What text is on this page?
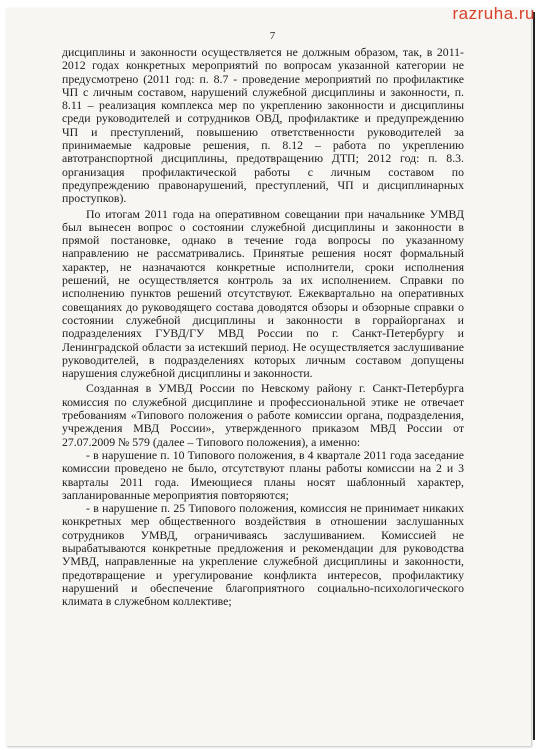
razruha.ru
7

дисциплины и законности осуществляется не должным образом, так, в 2011-2012 годах конкретных мероприятий по вопросам указанной категории не предусмотрено (2011 год: п. 8.7 - проведение мероприятий по профилактике ЧП с личным составом, нарушений служебной дисциплины и законности, п. 8.11 – реализация комплекса мер по укреплению законности и дисциплины среди руководителей и сотрудников ОВД, профилактике и предупреждению ЧП и преступлений, повышению ответственности руководителей за принимаемые кадровые решения, п. 8.12 – работа по укреплению автотранспортной дисциплины, предотвращению ДТП; 2012 год: п. 8.3. организация профилактической работы с личным составом по предупреждению правонарушений, преступлений, ЧП и дисциплинарных проступков).

По итогам 2011 года на оперативном совещании при начальнике УМВД был вынесен вопрос о состоянии служебной дисциплины и законности в прямой постановке, однако в течение года вопросы по указанному направлению не рассматривались. Принятые решения носят формальный характер, не назначаются конкретные исполнители, сроки исполнения решений, не осуществляется контроль за их исполнением. Справки по исполнению пунктов решений отсутствуют. Ежеквартально на оперативных совещаниях до руководящего состава доводятся обзоры и обзорные справки о состоянии служебной дисциплины и законности в горрайорганах и подразделениях ГУВД/ГУ МВД России по г. Санкт-Петербургу и Ленинградской области за истекший период. Не осуществляется заслушивание руководителей, в подразделениях которых личным составом допущены нарушения служебной дисциплины и законности.

Созданная в УМВД России по Невскому району г. Санкт-Петербурга комиссия по служебной дисциплине и профессиональной этике не отвечает требованиям «Типового положения о работе комиссии органа, подразделения, учреждения МВД России», утвержденного приказом МВД России от 27.07.2009 № 579 (далее – Типового положения), а именно:

- в нарушение п. 10 Типового положения, в 4 квартале 2011 года заседание комиссии проведено не было, отсутствуют планы работы комиссии на 2 и 3 кварталы 2011 года. Имеющиеся планы носят шаблонный характер, запланированные мероприятия повторяются;

- в нарушение п. 25 Типового положения, комиссия не принимает никаких конкретных мер общественного воздействия в отношении заслушанных сотрудников УМВД, ограничиваясь заслушиванием. Комиссией не вырабатываются конкретные предложения и рекомендации для руководства УМВД, направленные на укрепление служебной дисциплины и законности, предотвращение и урегулирование конфликта интересов, профилактику нарушений и обеспечение благоприятного социально-психологического климата в служебном коллективе;
